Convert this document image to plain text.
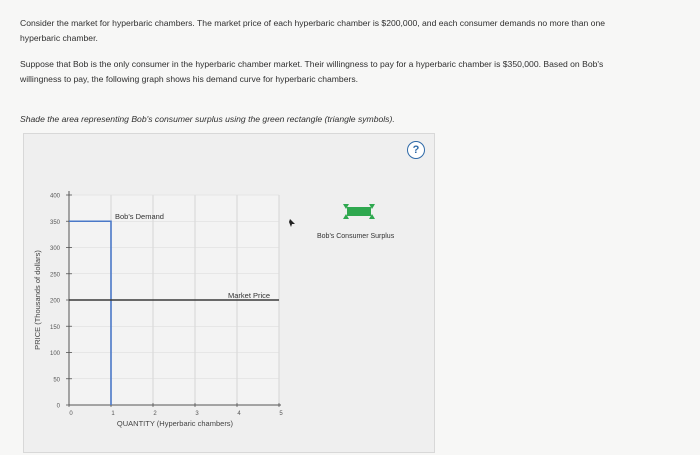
Consider the market for hyperbaric chambers. The market price of each hyperbaric chamber is $200,000, and each consumer demands no more than one hyperbaric chamber.
Suppose that Bob is the only consumer in the hyperbaric chamber market. Their willingness to pay for a hyperbaric chamber is $350,000. Based on Bob's willingness to pay, the following graph shows his demand curve for hyperbaric chambers.
Shade the area representing Bob's consumer surplus using the green rectangle (triangle symbols).
?
0
50
100
150
200
250
300
350
400
0	1	2	3	4	5
PRICE (Thousands of dollars)
QUANTITY (Hyperbaric chambers)
Bob's Demand
Market Price
Bob's Consumer Surplus
